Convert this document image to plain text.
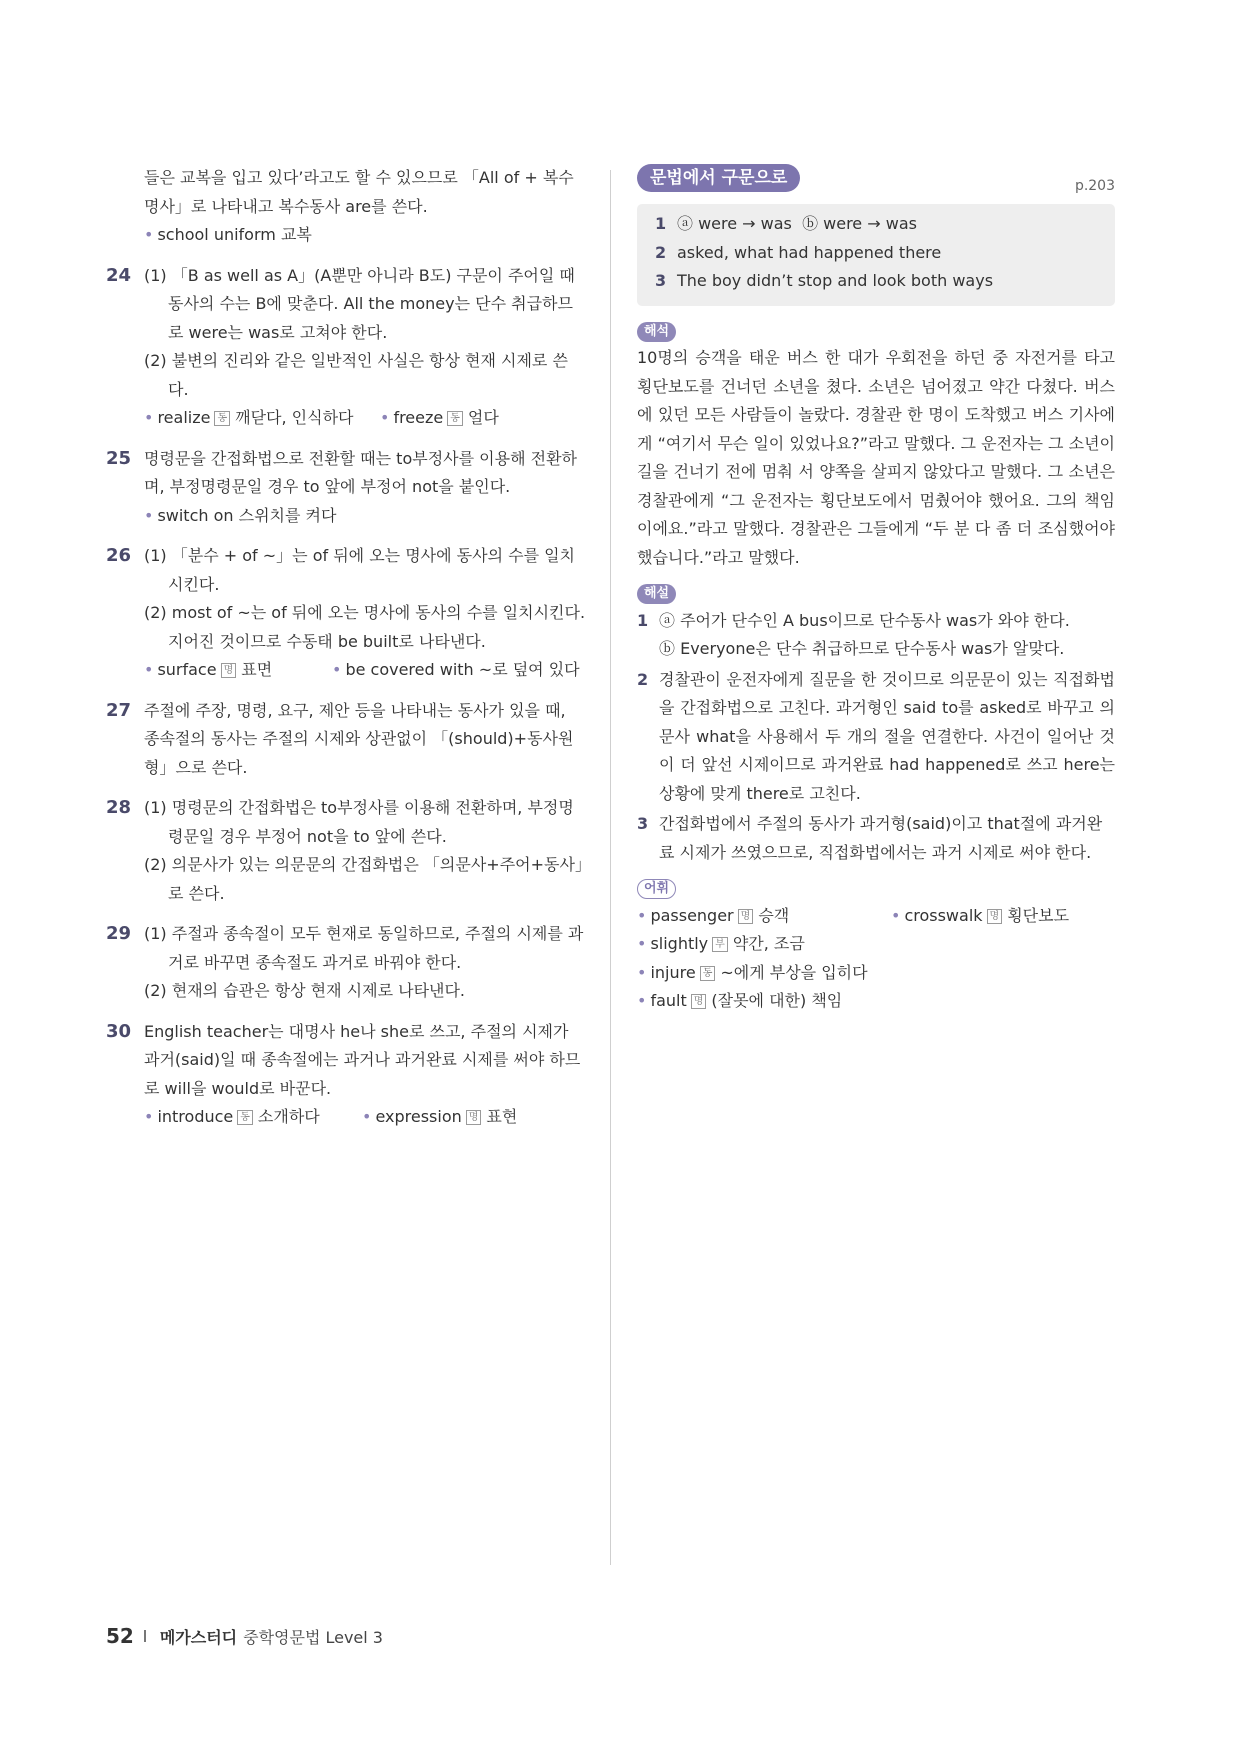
들은 교복을 입고 있다’라고도 할 수 있으므로 「All of + 복수명사」로 나타내고 복수동사 are를 쓴다.
• school uniform 교복
24 (1) 「B as well as A」(A뿐만 아니라 B도) 구문이 주어일 때 동사의 수는 B에 맞춘다. All the money는 단수 취급하므로 were는 was로 고쳐야 한다.
(2) 불변의 진리와 같은 일반적인 사실은 항상 현재 시제로 쓴다.
• realize 동 깨닫다, 인식하다	• freeze 동 얼다
25 명령문을 간접화법으로 전환할 때는 to부정사를 이용해 전환하며, 부정명령문일 경우 to 앞에 부정어 not을 붙인다.
• switch on 스위치를 켜다
26 (1) 「분수 + of ~」는 of 뒤에 오는 명사에 동사의 수를 일치시킨다.
(2) most of ~는 of 뒤에 오는 명사에 동사의 수를 일치시킨다. 지어진 것이므로 수동태 be built로 나타낸다.
• surface 명 표면	• be covered with ~로 덮여 있다
27 주절에 주장, 명령, 요구, 제안 등을 나타내는 동사가 있을 때, 종속절의 동사는 주절의 시제와 상관없이 「(should)+동사원형」으로 쓴다.
28 (1) 명령문의 간접화법은 to부정사를 이용해 전환하며, 부정명령문일 경우 부정어 not을 to 앞에 쓴다.
(2) 의문사가 있는 의문문의 간접화법은 「의문사+주어+동사」로 쓴다.
29 (1) 주절과 종속절이 모두 현재로 동일하므로, 주절의 시제를 과거로 바꾸면 종속절도 과거로 바꿔야 한다.
(2) 현재의 습관은 항상 현재 시제로 나타낸다.
30 English teacher는 대명사 he나 she로 쓰고, 주절의 시제가 과거(said)일 때 종속절에는 과거나 과거완료 시제를 써야 하므로 will을 would로 바꾼다.
• introduce 동 소개하다	• expression 명 표현
문법에서 구문으로	p.203
1 ⓐ were → was  ⓑ were → was
2 asked, what had happened there
3 The boy didn’t stop and look both ways
해석
10명의 승객을 태운 버스 한 대가 우회전을 하던 중 자전거를 타고 횡단보도를 건너던 소년을 쳤다. 소년은 넘어졌고 약간 다쳤다. 버스에 있던 모든 사람들이 놀랐다. 경찰관 한 명이 도착했고 버스 기사에게 “여기서 무슨 일이 있었나요?”라고 말했다. 그 운전자는 그 소년이 길을 건너기 전에 멈춰 서 양쪽을 살피지 않았다고 말했다. 그 소년은 경찰관에게 “그 운전자는 횡단보도에서 멈췄어야 했어요. 그의 책임이에요.”라고 말했다. 경찰관은 그들에게 “두 분 다 좀 더 조심했어야 했습니다.”라고 말했다.
해설
1 ⓐ 주어가 단수인 A bus이므로 단수동사 was가 와야 한다.
ⓑ Everyone은 단수 취급하므로 단수동사 was가 알맞다.
2 경찰관이 운전자에게 질문을 한 것이므로 의문문이 있는 직접화법을 간접화법으로 고친다. 과거형인 said to를 asked로 바꾸고 의문사 what을 사용해서 두 개의 절을 연결한다. 사건이 일어난 것이 더 앞선 시제이므로 과거완료 had happened로 쓰고 here는 상황에 맞게 there로 고친다.
3 간접화법에서 주절의 동사가 과거형(said)이고 that절에 과거완료 시제가 쓰였으므로, 직접화법에서는 과거 시제로 써야 한다.
어휘
• passenger 명 승객	• crosswalk 명 횡단보도
• slightly 부 약간, 조금
• injure 동 ~에게 부상을 입히다
• fault 명 (잘못에 대한) 책임
52 메가스터디 중학영문법 Level 3
